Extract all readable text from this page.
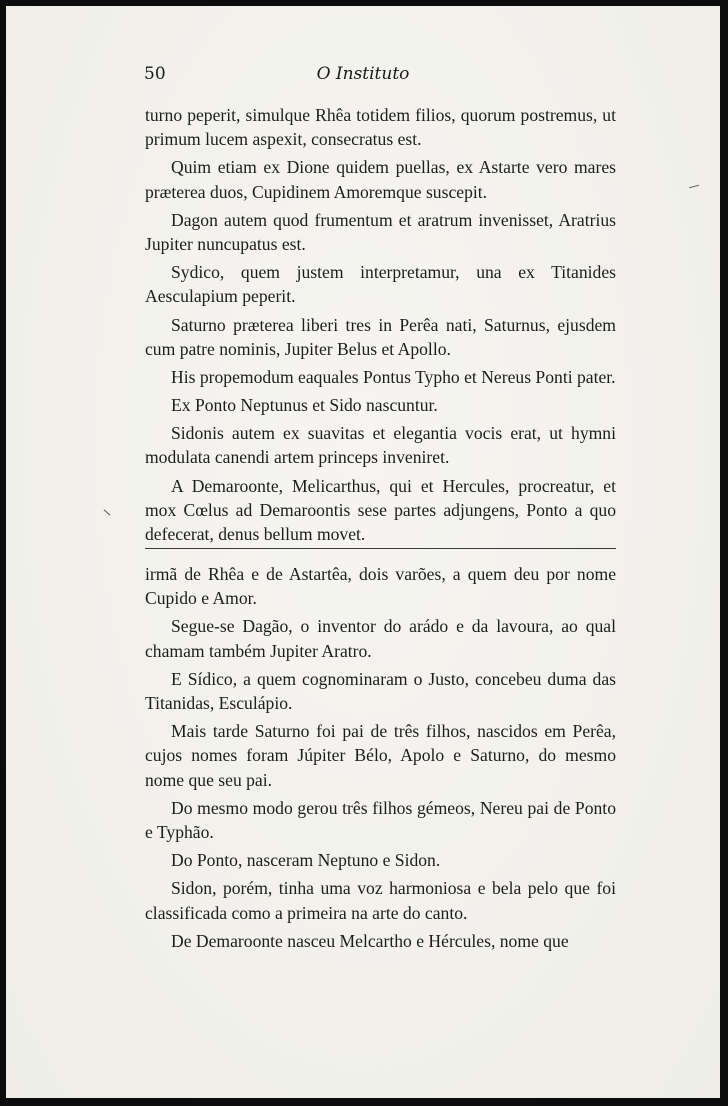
50	O Instituto

turno peperit, simulque Rhêa totidem filios, quorum postremus, ut primum lucem aspexit, consecratus est.

Quim etiam ex Dione quidem puellas, ex Astarte vero mares præterea duos, Cupidinem Amoremque suscepit.

Dagon autem quod frumentum et aratrum invenisset, Aratrius Jupiter nuncupatus est.

Sydico, quem justem interpretamur, una ex Titanides Aesculapium peperit.

Saturno præterea liberi tres in Perêa nati, Saturnus, ejusdem cum patre nominis, Jupiter Belus et Apollo.

His propemodum eaquales Pontus Typho et Nereus Ponti pater.

Ex Ponto Neptunus et Sido nascuntur.

Sidonis autem ex suavitas et elegantia vocis erat, ut hymni modulata canendi artem princeps inveniret.

A Demaroonte, Melicarthus, qui et Hercules, procreatur, et mox Cœlus ad Demaroontis sese partes adjungens, Ponto a quo defecerat, denus bellum movet.

irmã de Rhêa e de Astartêa, dois varões, a quem deu por nome Cupido e Amor.

Segue-se Dagão, o inventor do arádo e da lavoura, ao qual chamam também Jupiter Aratro.

E Sídico, a quem cognominaram o Justo, concebeu duma das Titanidas, Esculápio.

Mais tarde Saturno foi pai de três filhos, nascidos em Perêa, cujos nomes foram Júpiter Bélo, Apolo e Saturno, do mesmo nome que seu pai.

Do mesmo modo gerou três filhos gémeos, Nereu pai de Ponto e Typhão.

Do Ponto, nasceram Neptuno e Sidon.

Sidon, porém, tinha uma voz harmoniosa e bela pelo que foi classificada como a primeira na arte do canto.

De Demaroonte nasceu Melcartho e Hércules, nome que
